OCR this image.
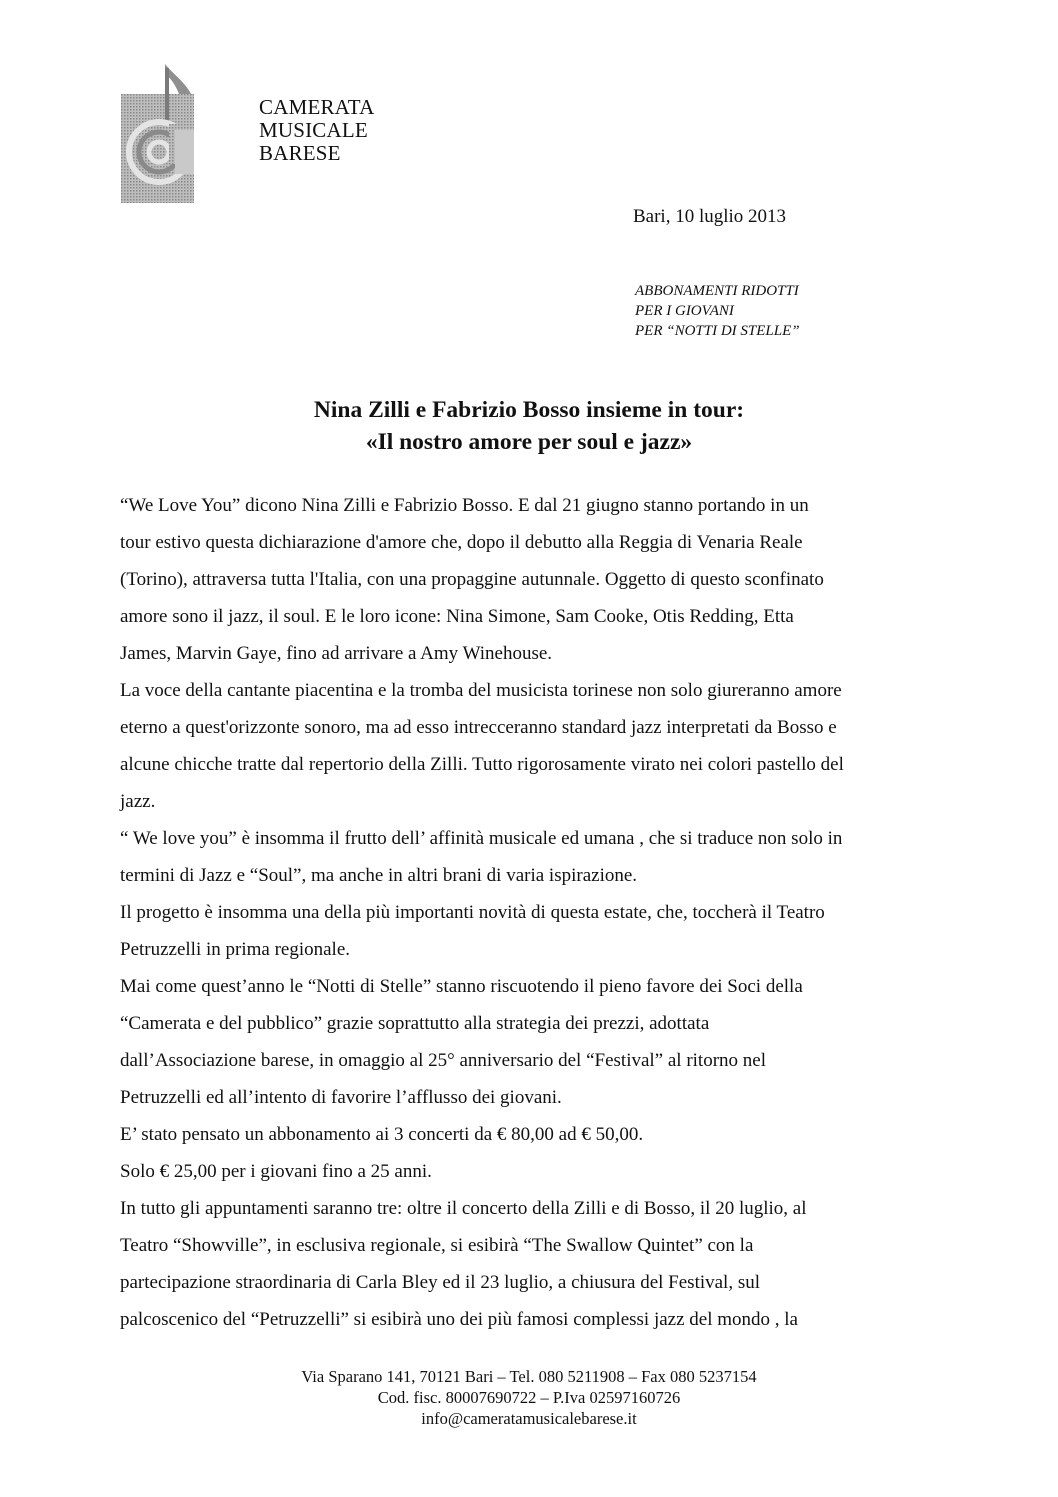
CAMERATA
MUSICALE
BARESE
Bari, 10 luglio 2013
ABBONAMENTI RIDOTTI
PER I GIOVANI
PER “NOTTI DI STELLE”
Nina Zilli e Fabrizio Bosso insieme in tour:
«Il nostro amore per soul e jazz»
“We Love You” dicono Nina Zilli e Fabrizio Bosso. E dal 21 giugno stanno portando in un
tour estivo questa dichiarazione d'amore che, dopo il debutto alla Reggia di Venaria Reale
(Torino), attraversa tutta l'Italia, con una propaggine autunnale. Oggetto di questo sconfinato
amore sono il jazz, il soul. E le loro icone: Nina Simone, Sam Cooke, Otis Redding, Etta
James, Marvin Gaye, fino ad arrivare a Amy Winehouse.
La voce della cantante piacentina e la tromba del musicista torinese non solo giureranno amore
eterno a quest'orizzonte sonoro, ma ad esso intrecceranno standard jazz interpretati da Bosso e
alcune chicche tratte dal repertorio della Zilli. Tutto rigorosamente virato nei colori pastello del
jazz.
“ We love you” è insomma il frutto dell’ affinità musicale ed umana , che si traduce non solo in
termini di Jazz e “Soul”, ma anche in altri brani di varia ispirazione.
Il progetto è insomma una della più importanti novità di questa estate, che, toccherà il Teatro
Petruzzelli in prima regionale.
Mai come quest’anno le “Notti di Stelle” stanno riscuotendo il pieno favore dei Soci della
“Camerata e del pubblico” grazie soprattutto alla strategia dei prezzi, adottata
dall’Associazione barese, in omaggio al 25° anniversario del “Festival” al ritorno nel
Petruzzelli ed all’intento di favorire l’afflusso dei giovani.
E’ stato pensato un abbonamento ai 3 concerti da € 80,00 ad € 50,00.
Solo € 25,00 per i giovani fino a 25 anni.
In tutto gli appuntamenti saranno tre: oltre il concerto della Zilli e di Bosso, il 20 luglio, al
Teatro “Showville”, in esclusiva regionale, si esibirà “The Swallow Quintet” con la
partecipazione straordinaria di Carla Bley ed il 23 luglio, a chiusura del Festival, sul
palcoscenico del “Petruzzelli” si esibirà uno dei più famosi complessi jazz del mondo , la
Via Sparano 141, 70121 Bari – Tel. 080 5211908 – Fax 080 5237154
Cod. fisc. 80007690722 – P.Iva 02597160726
info@cameratamusicalebarese.it
